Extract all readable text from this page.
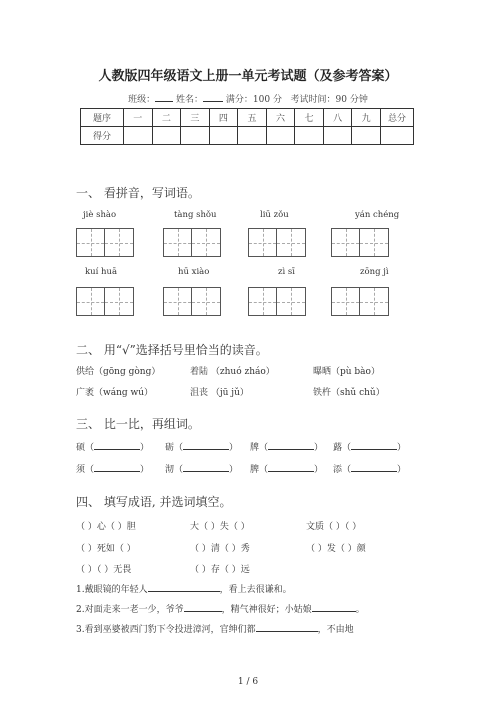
人教版四年级语文上册一单元考试题（及参考答案）
班级： 姓名：	满分：100 分 考试时间：90 分钟
题序	一	二	三	四	五	六	七	八	九	总分
得分										
一、 看拼音，写词语。
jiè shào	tàng shǒu	liū zǒu	yán chéng
kuí huā	hū xiào	zì sī	zōng jì
二、 用“√”选择括号里恰当的读音。
供给（gōng gòng）	着陆 （zhuó zháo）	曝晒（pù bào）
广袤（wáng wú）	沮丧 （jū jǔ）	铁杵（shǔ chǔ）
三、 比一比，再组词。
硕（	） 砺（	） 牌（	） 蕗（	）
须（	） 沏（	） 脾（	） 添（	）
四、 填写成语, 并选词填空。
（ ）心（ ）胆	大（ ）失（ ）	文质（ ）（ ）
（ ）死如（ ）	（ ）清（ ）秀	（ ）发（ ）颜
（ ）（ ）无畏	（ ）存（ ）远
1.戴眼镜的年轻人	，看上去很谦和。
2.对面走来一老一少，爷爷	，精气神很好；小姑娘	。
3.看到巫婆被西门豹下令投进漳河，官绅们都	，不由地
1 / 6
